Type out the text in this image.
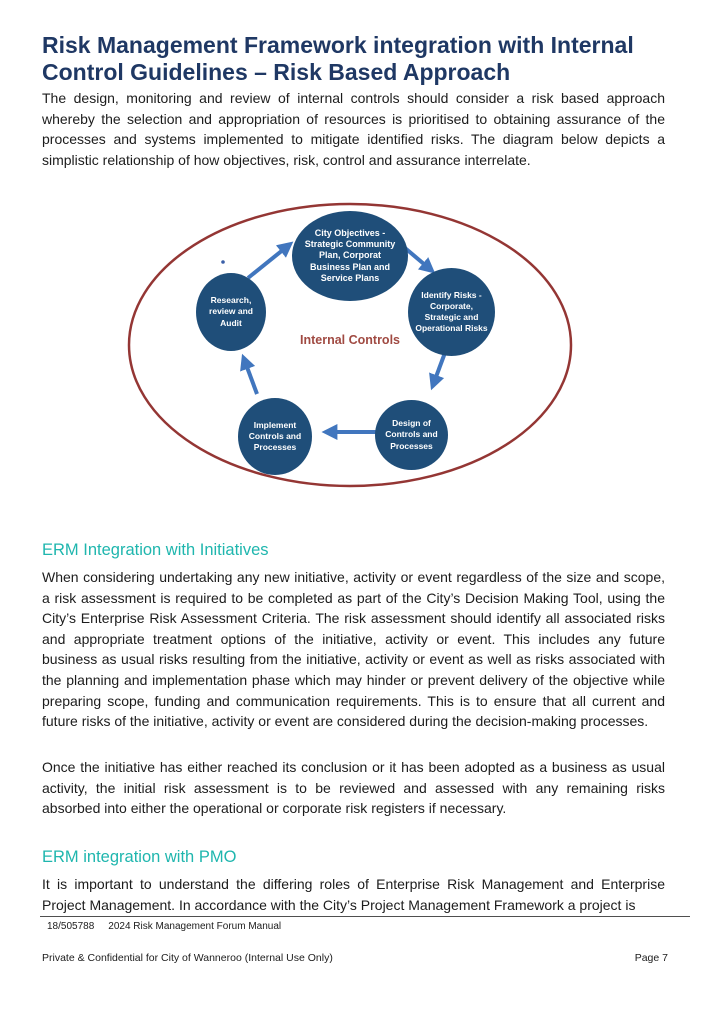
Risk Management Framework integration with Internal
Control Guidelines – Risk Based Approach

The design, monitoring and review of internal controls should consider a risk based approach whereby the selection and appropriation of resources is prioritised to obtaining assurance of the processes and systems implemented to mitigate identified risks. The diagram below depicts a simplistic relationship of how objectives, risk, control and assurance interrelate.

City Objectives - Strategic Community Plan, Corporat Business Plan and Service Plans
Identify Risks - Corporate, Strategic and Operational Risks
Design of Controls and Processes
Implement Controls and Processes
Research, review and Audit
Internal Controls
ERM Integration with Initiatives

When considering undertaking any new initiative, activity or event regardless of the size and scope, a risk assessment is required to be completed as part of the City’s Decision Making Tool, using the City’s Enterprise Risk Assessment Criteria. The risk assessment should identify all associated risks and appropriate treatment options of the initiative, activity or event. This includes any future business as usual risks resulting from the initiative, activity or event as well as risks associated with the planning and implementation phase which may hinder or prevent delivery of the objective while preparing scope, funding and communication requirements. This is to ensure that all current and future risks of the initiative, activity or event are considered during the decision-making processes.

Once the initiative has either reached its conclusion or it has been adopted as a business as usual activity, the initial risk assessment is to be reviewed and assessed with any remaining risks absorbed into either the operational or corporate risk registers if necessary.

ERM integration with PMO

It is important to understand the differing roles of Enterprise Risk Management and Enterprise Project Management. In accordance with the City’s Project Management Framework a project is

18/505788 2024 Risk Management Forum Manual
Private & Confidential for City of Wanneroo (Internal Use Only)	Page 7
